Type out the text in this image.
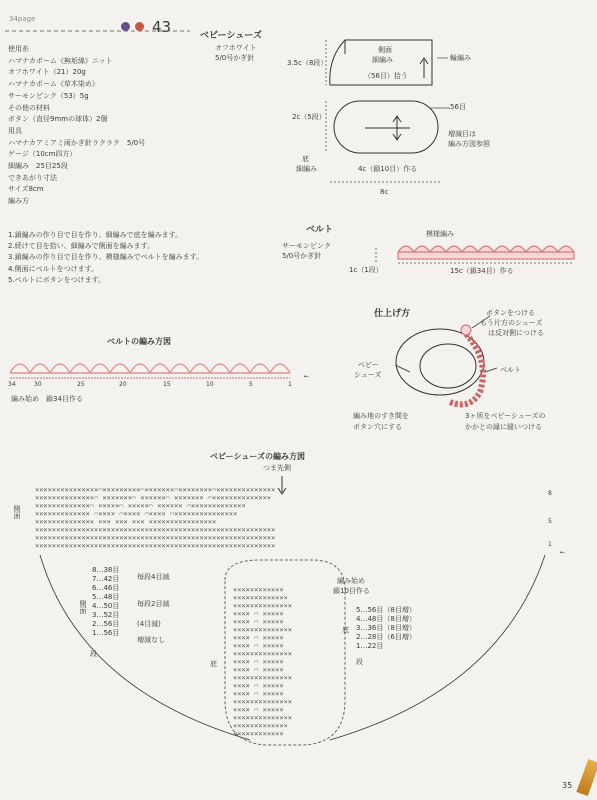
34page	43	ベビーシューズ
使用糸
ハマナカポーム《無垢綿》ニット
オフホワイト（21）20g
ハマナカポーム《草木染め》
サーモンピンク（53）5g
その他の材料
ボタン（直径9mmの球体）2個
用具
ハマナカアミアミ両かぎ針ラクラク　5/0号
ゲージ（10cm四方）
細編み　25目25段
できあがり寸法
サイズ8cm
編み方
1.鎖編みの作り目で目を作り、細編みで底を編みます。
2.続けて目を拾い、細編みで側面を編みます。
3.鎖編みの作り目で目を作り、模様編みでベルトを編みます。
4.側面にベルトをつけます。
5.ベルトにボタンをつけます。
オフホワイト
5/0号かぎ針
側面
細編み
（56目）拾う
3.5c（8段）
2c（5段）
輪編み
56目
増減目は
編み方図参照
底
細編み	4c（鎖10目）作る
8c
ベルト
サーモンピンク
5/0号かぎ針
模様編み
1c（1段）	15c（鎖34目）作る
仕上げ方	ボタンをつける
もう片方のシューズ
は反対側につける
ベビー
シューズ
ベルト
編み地のすき間を
ボタン穴にする
3ヶ所をベビーシューズの
かかとの縁に縫いつける
ベルトの編み方図
34	30	25	20	15	10	5	1
←
編み始め　鎖34目作る
ベビーシューズの編み方図
つま先側
側面
×××××××××××××××⌒×××××××××⌒×××××××⌒××××××××⌒××××××××××××××
××××××××××××××⌒ ×××××××⌒ ××××××⌒ ××××××× ⌒××××××××××××××
×××××××××××××⌒ ×××××⌒ ×××××⌒ ×××××× ⌒×××××××××××××
××××××××××××× ⌒×××× ⌒×××× ⌒×××× ⌒×××××××××××××××
×××××××××××××× ××× ××× ××× ××××××××××××××××
×××××××××××××××××××××××××××××××××××××××××××××××××××××××××
×××××××××××××××××××××××××××××××××××××××××××××××××××××××××
×××××××××××××××××××××××××××××××××××××××××××××××××××××××××
8
5
1
←
8…38目
7…42目
6…46目
5…48目
4…50目
3…52目
2…56目
1…56目
側面
段
毎段4目減
毎段2目減
(4目減)
増減なし
××××××××××××
×××××××××××××
××××××××××××××
×××× ⌒ ×××××
×××× ⌒ ×××××
××××××××××××××
×××× ⌒ ×××××
×××× ⌒ ×××××
××××××××××××××
×××× ⌒ ×××××
×××× ⌒ ×××××
××××××××××××××
×××× ⌒ ×××××
×××× ⌒ ×××××
××××××××××××××
×××× ⌒ ×××××
××××××××××××××
×××××××××××××
××××××××××××
底
編み始め
鎖10目作る
5…56目（8目増）
4…48目（8目増）
3…36目（8目増）
2…28目（6目増）
1…22目
底
段
35
